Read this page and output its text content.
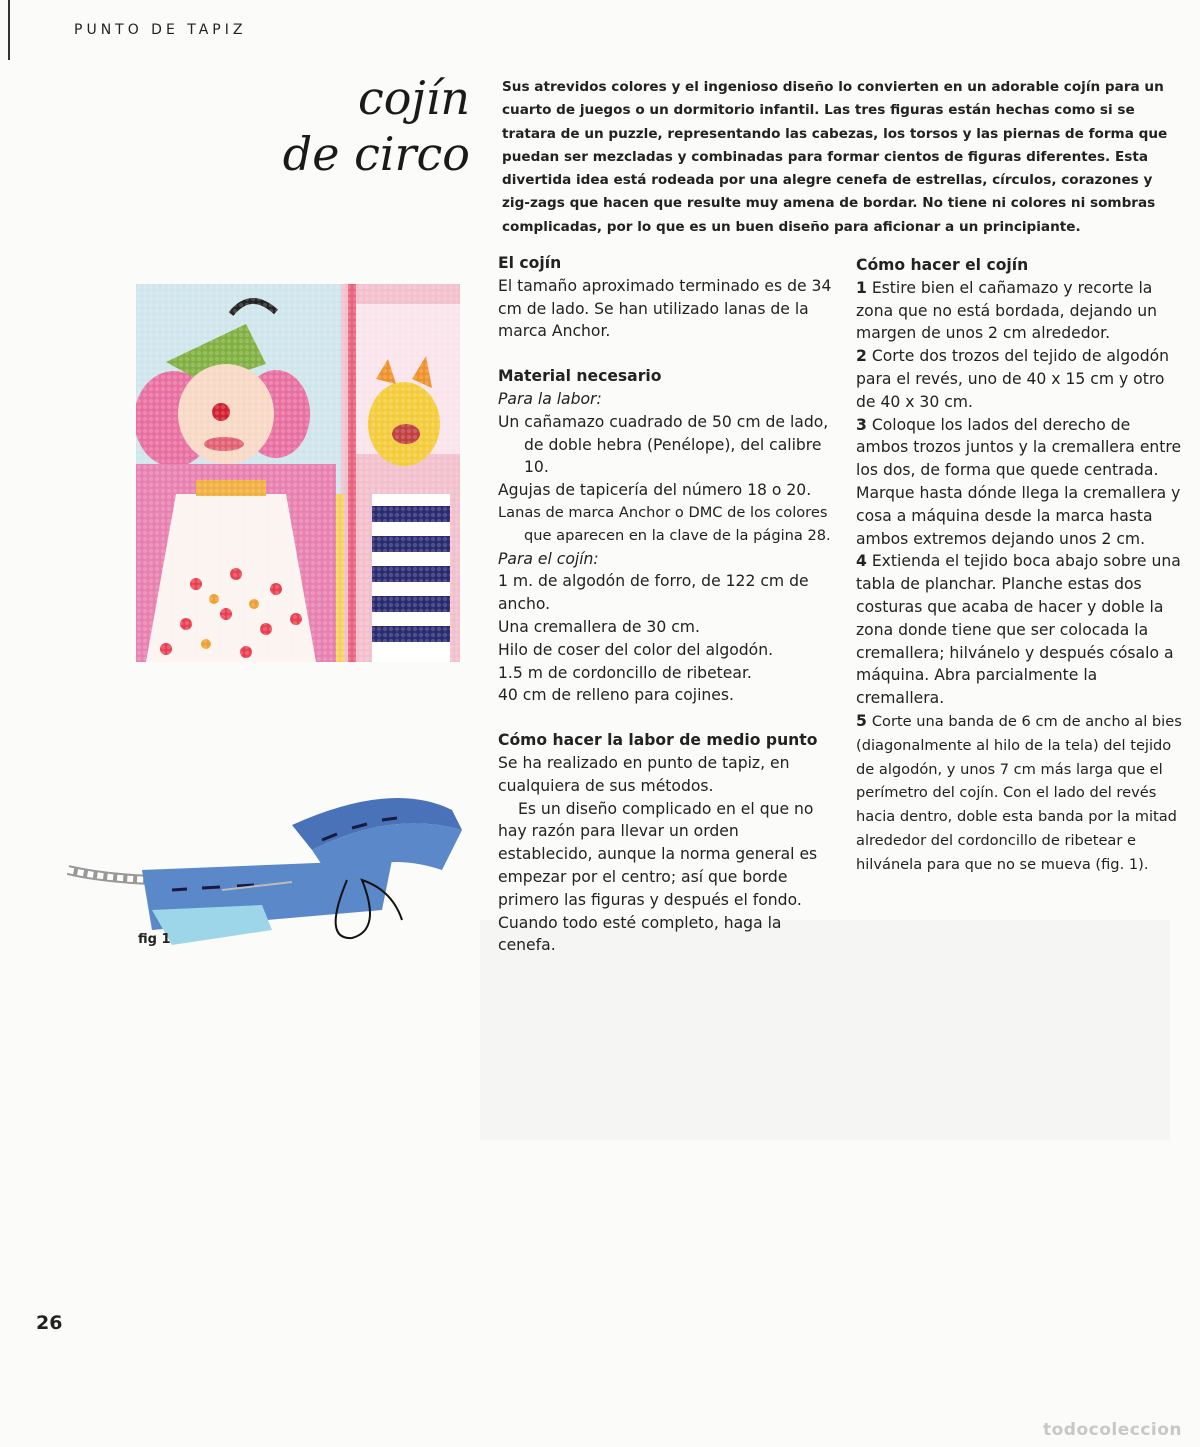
PUNTO DE TAPIZ
cojín
de circo
Sus atrevidos colores y el ingenioso diseño lo convierten en un adorable cojín para un cuarto de juegos o un dormitorio infantil. Las tres figuras están hechas como si se tratara de un puzzle, representando las cabezas, los torsos y las piernas de forma que puedan ser mezcladas y combinadas para formar cientos de figuras diferentes. Esta divertida idea está rodeada por una alegre cenefa de estrellas, círculos, corazones y zig-zags que hacen que resulte muy amena de bordar. No tiene ni colores ni sombras complicadas, por lo que es un buen diseño para aficionar a un principiante.
fig 1
El cojín

El tamaño aproximado terminado es de 34 cm de lado. Se han utilizado lanas de la marca Anchor.

Material necesario

Para la labor:

Un cañamazo cuadrado de 50 cm de lado, de doble hebra (Penélope), del calibre 10.

Agujas de tapicería del número 18 o 20.

Lanas de marca Anchor o DMC de los colores que aparecen en la clave de la página 28.

Para el cojín:

1 m. de algodón de forro, de 122 cm de ancho.

Una cremallera de 30 cm.

Hilo de coser del color del algodón.

1.5 m de cordoncillo de ribetear.

40 cm de relleno para cojines.

Cómo hacer la labor de medio punto

Se ha realizado en punto de tapiz, en cualquiera de sus métodos.

Es un diseño complicado en el que no hay razón para llevar un orden establecido, aunque la norma general es empezar por el centro; así que borde primero las figuras y después el fondo. Cuando todo esté completo, haga la cenefa.

Cómo hacer el cojín

1 Estire bien el cañamazo y recorte la zona que no está bordada, dejando un margen de unos 2 cm alrededor.

2 Corte dos trozos del tejido de algodón para el revés, uno de 40 x 15 cm y otro de 40 x 30 cm.

3 Coloque los lados del derecho de ambos trozos juntos y la cremallera entre los dos, de forma que quede centrada. Marque hasta dónde llega la cremallera y cosa a máquina desde la marca hasta ambos extremos dejando unos 2 cm.

4 Extienda el tejido boca abajo sobre una tabla de planchar. Planche estas dos costuras que acaba de hacer y doble la zona donde tiene que ser colocada la cremallera; hilvánelo y después cósalo a máquina. Abra parcialmente la cremallera.

5 Corte una banda de 6 cm de ancho al bies (diagonalmente al hilo de la tela) del tejido de algodón, y unos 7 cm más larga que el perímetro del cojín. Con el lado del revés hacia dentro, doble esta banda por la mitad alrededor del cordoncillo de ribetear e hilvánela para que no se mueva (fig. 1).

26
todocoleccion
